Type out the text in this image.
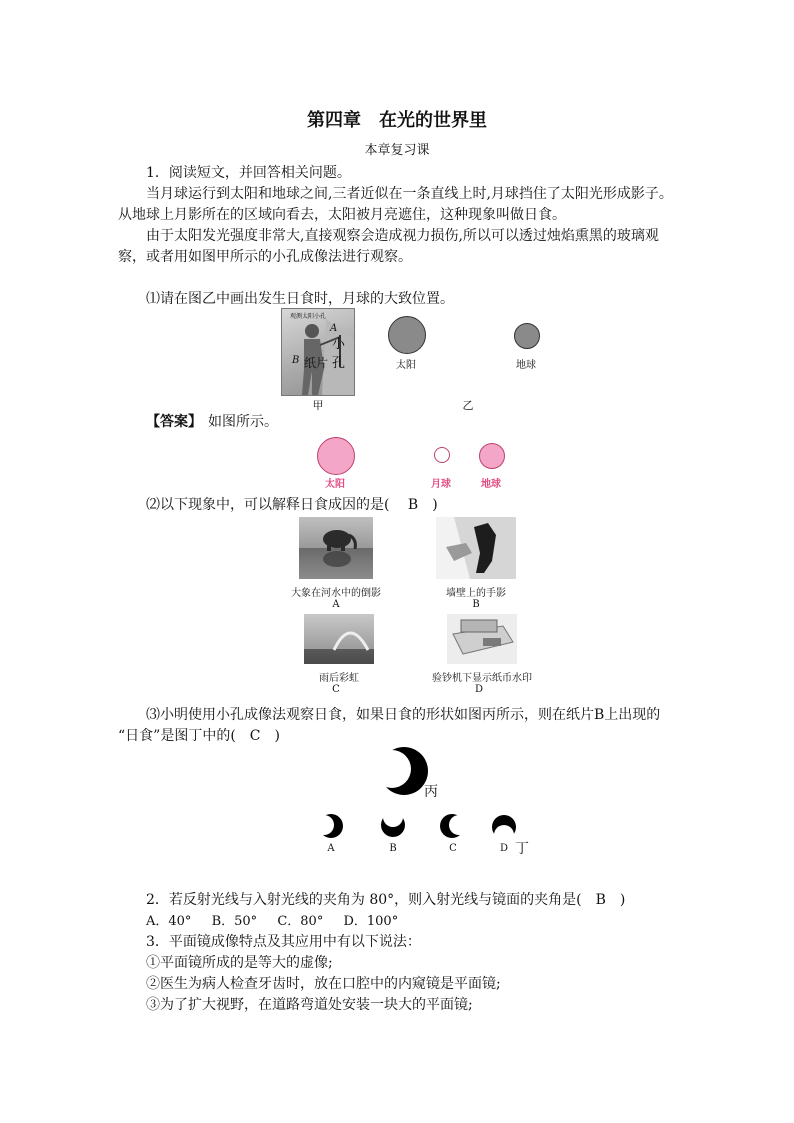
第四章　在光的世界里
本章复习课
1．阅读短文，并回答相关问题。
当月球运行到太阳和地球之间,三者近似在一条直线上时,月球挡住了太阳光形成影子。
从地球上月影所在的区域向看去，太阳被月亮遮住，这种现象叫做日食。
由于太阳发光强度非常大,直接观察会造成视力损伤,所以可以透过烛焰熏黑的玻璃观
察，或者用如图甲所示的小孔成像法进行观察。
⑴请在图乙中画出发生日食时，月球的大致位置。
观测太阳小孔
A
小孔
B 纸片
甲
太阳	地球
乙
【答案】 如图所示。
太阳	月球	地球
⑵以下现象中，可以解释日食成因的是(　 B　)
大象在河水中的倒影
A
墙壁上的手影
B
雨后彩虹
C
验钞机下显示纸币水印
D
⑶小明使用小孔成像法观察日食，如果日食的形状如图丙所示，则在纸片B上出现的
“日食”是图丁中的(　C　)
丙
A	B	C	D 丁
2．若反射光线与入射光线的夹角为 80°，则入射光线与镜面的夹角是(　B　)
A．40° B．50° C．80° D．100°
3．平面镜成像特点及其应用中有以下说法：
①平面镜所成的是等大的虚像;
②医生为病人检查牙齿时，放在口腔中的内窥镜是平面镜;
③为了扩大视野，在道路弯道处安装一块大的平面镜;
